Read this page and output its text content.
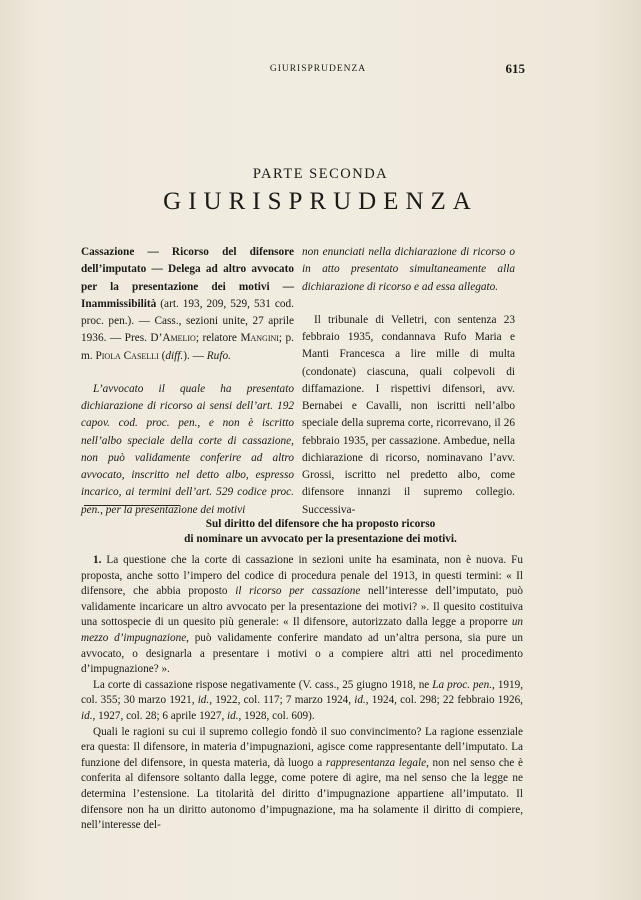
GIURISPRUDENZA	615
PARTE SECONDA
GIURISPRUDENZA

Cassazione — Ricorso del difensore dell’imputato — Delega ad altro avvocato per la presentazione dei motivi — Inammissibilità (art. 193, 209, 529, 531 cod. proc. pen.). — Cass., sezioni unite, 27 aprile 1936. — Pres. D’Amelio; relatore Mangini; p. m. Piola Caselli (diff.). — Rufo.

L’avvocato il quale ha presentato dichiarazione di ricorso ai sensi dell’art. 192 capov. cod. proc. pen., e non è iscritto nell’albo speciale della corte di cassazione, non può validamente conferire ad altro avvocato, inscritto nel detto albo, espresso incarico, ai termini dell’art. 529 codice proc. pen., per la presentazione dei motivi

non enunciati nella dichiarazione di ricorso o in atto presentato simultaneamente alla dichiarazione di ricorso e ad essa allegato.

Il tribunale di Velletri, con sentenza 23 febbraio 1935, condannava Rufo Maria e Manti Francesca a lire mille di multa (condonate) ciascuna, quali colpevoli di diffamazione. I rispettivi difensori, avv. Bernabei e Cavalli, non iscritti nell’albo speciale della suprema corte, ricorrevano, il 26 febbraio 1935, per cassazione. Ambedue, nella dichiarazione di ricorso, nominavano l’avv. Grossi, iscritto nel predetto albo, come difensore innanzi il supremo collegio. Successiva-

Sul diritto del difensore che ha proposto ricorso
di nominare un avvocato per la presentazione dei motivi.

1. La questione che la corte di cassazione in sezioni unite ha esaminata, non è nuova. Fu proposta, anche sotto l’impero del codice di procedura penale del 1913, in questi termini: « Il difensore, che abbia proposto il ricorso per cassazione nell’interesse dell’imputato, può validamente incaricare un altro avvocato per la presentazione dei motivi? ». Il quesito costituiva una sottospecie di un quesito più generale: « Il difensore, autorizzato dalla legge a proporre un mezzo d’impugnazione, può validamente conferire mandato ad un’altra persona, sia pure un avvocato, o designarla a presentare i motivi o a compiere altri atti nel procedimento d’impugnazione? ».

La corte di cassazione rispose negativamente (V. cass., 25 giugno 1918, ne La proc. pen., 1919, col. 355; 30 marzo 1921, id., 1922, col. 117; 7 marzo 1924, id., 1924, col. 298; 22 febbraio 1926, id., 1927, col. 28; 6 aprile 1927, id., 1928, col. 609).

Quali le ragioni su cui il supremo collegio fondò il suo convincimento? La ragione essenziale era questa: Il difensore, in materia d’impugnazioni, agisce come rappresentante dell’imputato. La funzione del difensore, in questa materia, dà luogo a rappresentanza legale, non nel senso che è conferita al difensore soltanto dalla legge, come potere di agire, ma nel senso che la legge ne determina l’estensione. La titolarità del diritto d’impugnazione appartiene all’imputato. Il difensore non ha un diritto autonomo d’impugnazione, ma ha solamente il diritto di compiere, nell’interesse del-
